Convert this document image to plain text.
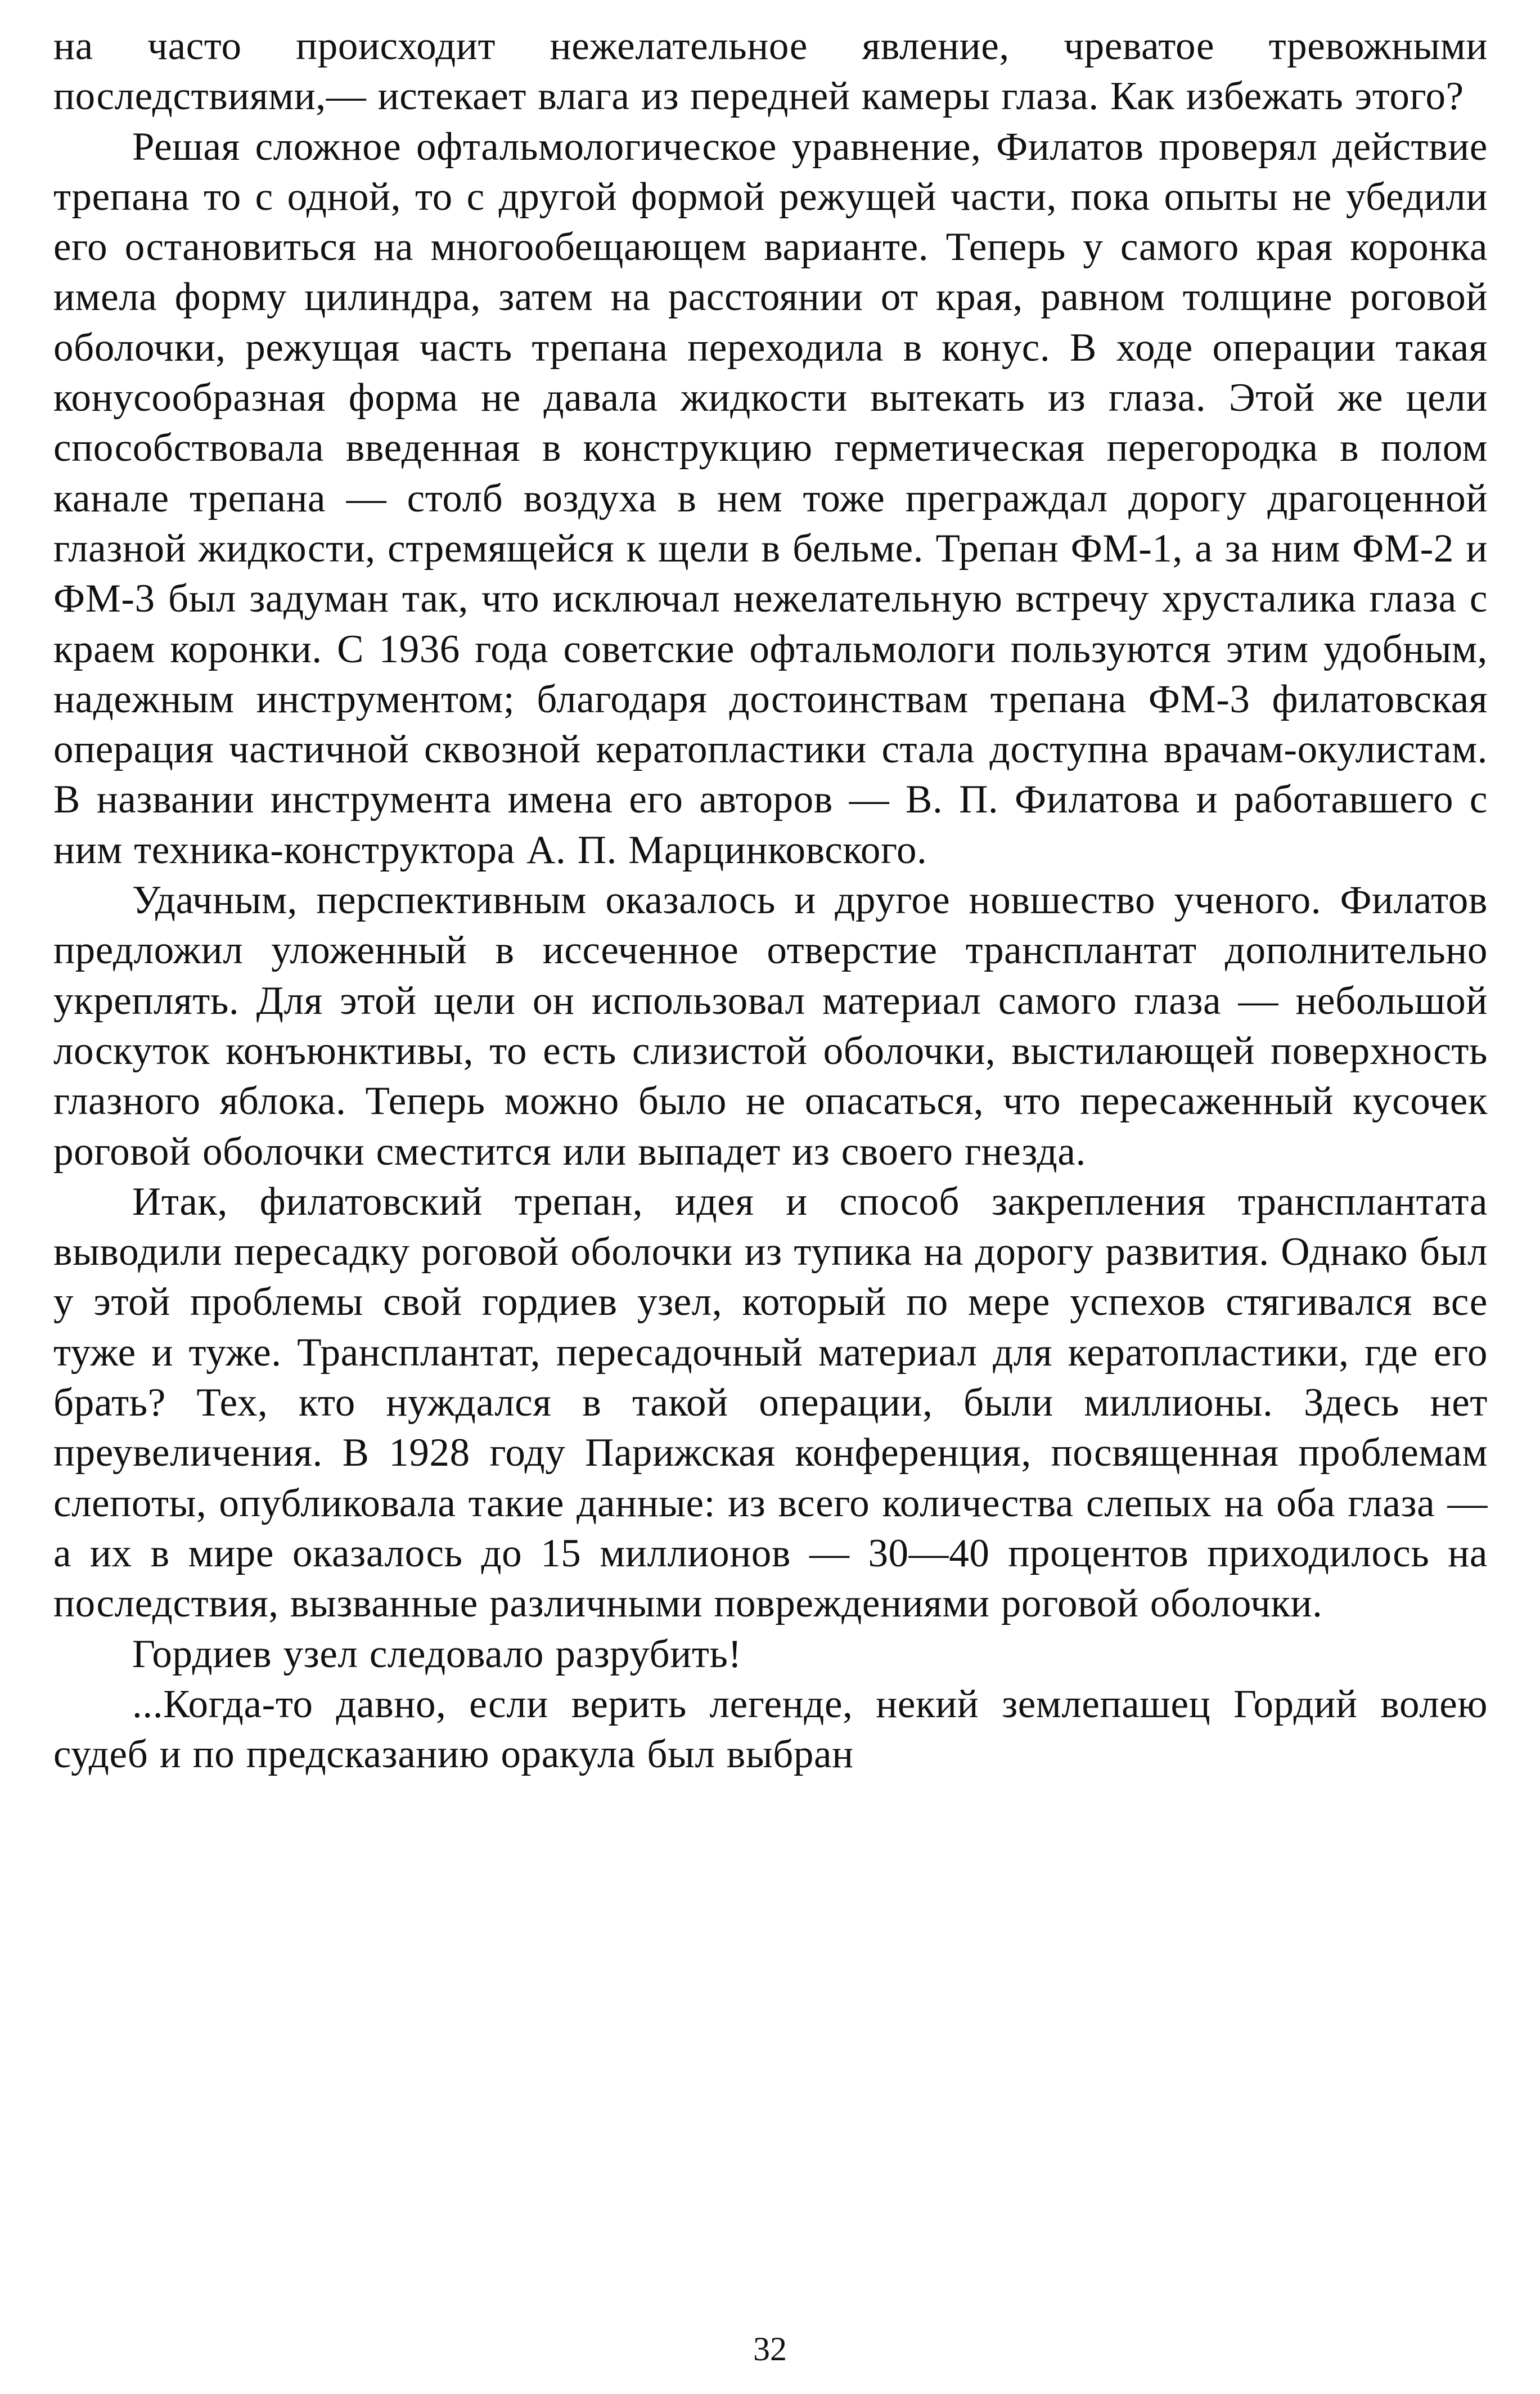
на часто происходит нежелательное явление, чреватое тревожными последствиями,— истекает влага из передней камеры глаза. Как избежать этого?

Решая сложное офтальмологическое уравнение, Филатов проверял действие трепана то с одной, то с другой формой режущей части, пока опыты не убедили его остановиться на многообещающем варианте. Теперь у самого края коронка имела форму цилиндра, затем на расстоянии от края, равном толщине роговой оболочки, режущая часть трепана переходила в конус. В ходе операции такая конусообразная форма не давала жидкости вытекать из глаза. Этой же цели способствовала введенная в конструкцию герметическая перегородка в полом канале трепана — столб воздуха в нем тоже преграждал дорогу драгоценной глазной жидкости, стремящейся к щели в бельме. Трепан ФМ-1, а за ним ФМ-2 и ФМ-3 был задуман так, что исключал нежелательную встречу хрусталика глаза с краем коронки. С 1936 года советские офтальмологи пользуются этим удобным, надежным инструментом; благодаря достоинствам трепана ФМ-3 филатовская операция частичной сквозной кератопластики стала доступна врачам-окулистам. В названии инструмента имена его авторов — В. П. Филатова и работавшего с ним техника-конструктора А. П. Марцинковского.

Удачным, перспективным оказалось и другое новшество ученого. Филатов предложил уложенный в иссеченное отверстие трансплантат дополнительно укреплять. Для этой цели он использовал материал самого глаза — небольшой лоскуток конъюнктивы, то есть слизистой оболочки, выстилающей поверхность глазного яблока. Теперь можно было не опасаться, что пересаженный кусочек роговой оболочки сместится или выпадет из своего гнезда.

Итак, филатовский трепан, идея и способ закрепления трансплантата выводили пересадку роговой оболочки из тупика на дорогу развития. Однако был у этой проблемы свой гордиев узел, который по мере успехов стягивался все туже и туже. Трансплантат, пересадочный материал для кератопластики, где его брать? Тех, кто нуждался в такой операции, были миллионы. Здесь нет преувеличения. В 1928 году Парижская конференция, посвященная проблемам слепоты, опубликовала такие данные: из всего количества слепых на оба глаза — а их в мире оказалось до 15 миллионов — 30—40 процентов приходилось на последствия, вызванные различными повреждениями роговой оболочки.

Гордиев узел следовало разрубить!

...Когда-то давно, если верить легенде, некий землепашец Гордий волею судеб и по предсказанию оракула был выбран

32
